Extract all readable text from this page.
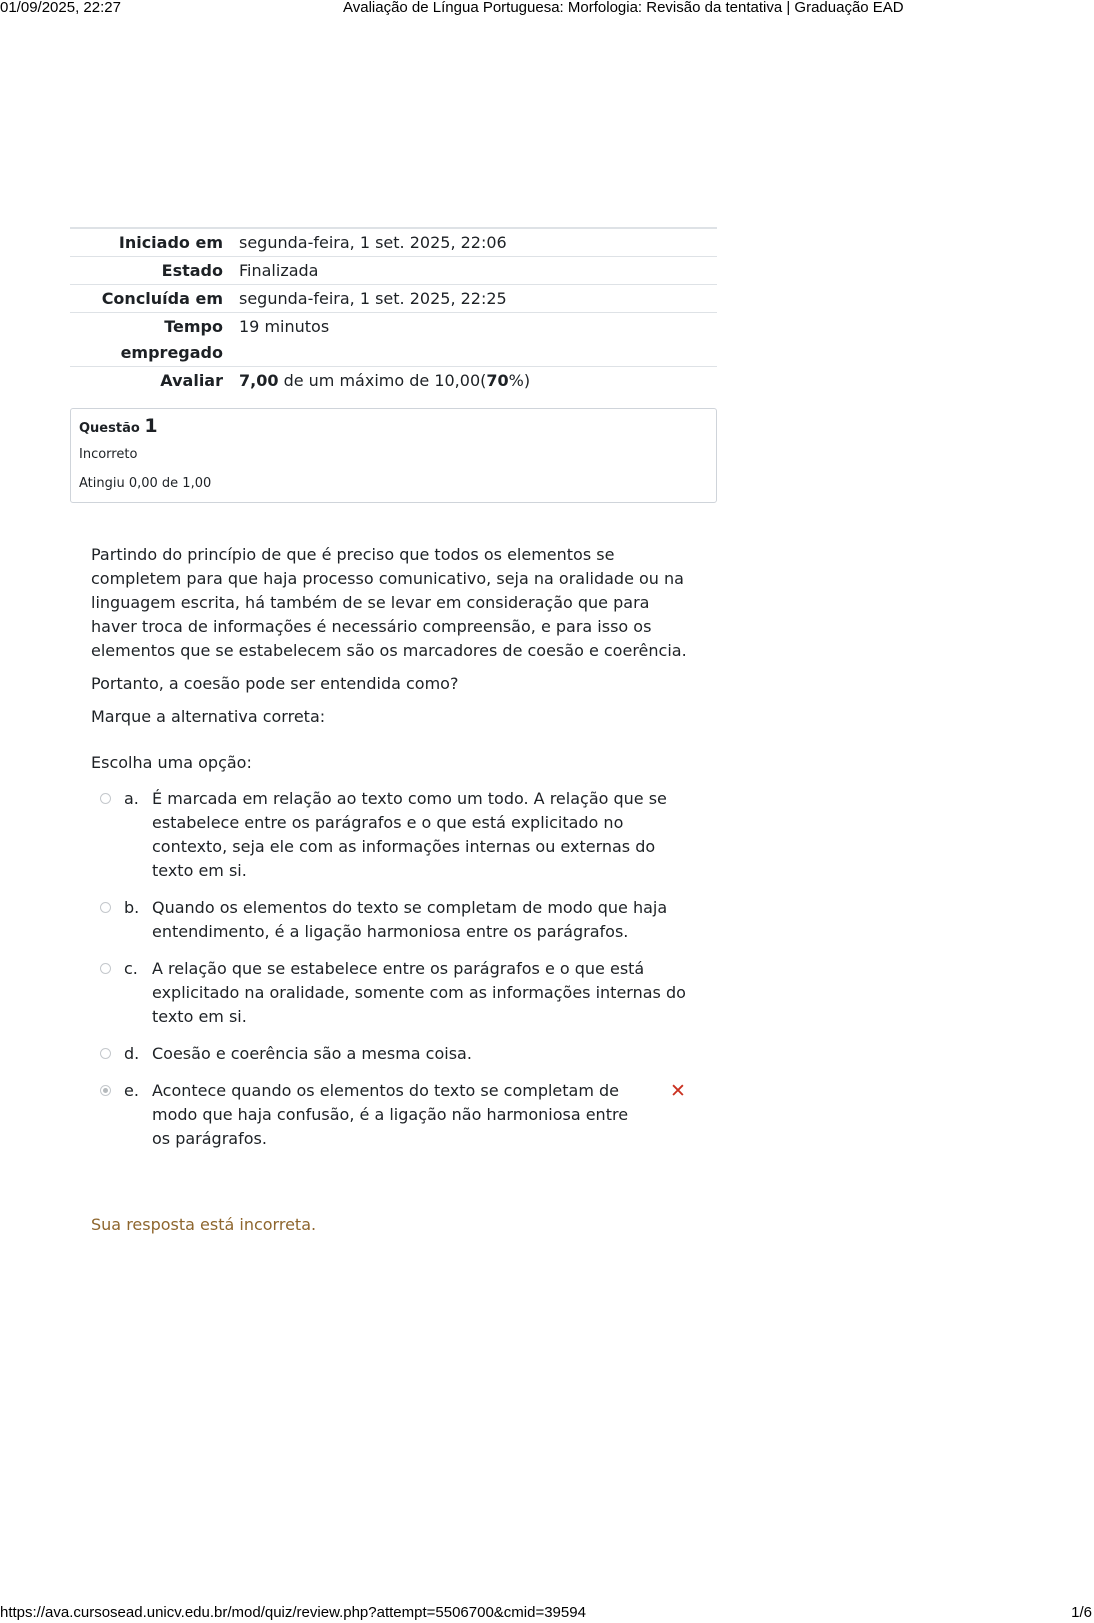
01/09/2025, 22:27	Avaliação de Língua Portuguesa: Morfologia: Revisão da tentativa | Graduação EAD
Iniciado em	segunda-feira, 1 set. 2025, 22:06
Estado	Finalizada
Concluída em	segunda-feira, 1 set. 2025, 22:25
Tempo empregado
19 minutos
Avaliar	7,00 de um máximo de 10,00(70%)
Questão 1
Incorreto
Atingiu 0,00 de 1,00

Partindo do princípio de que é preciso que todos os elementos se completem para que haja processo comunicativo, seja na oralidade ou na linguagem escrita, há também de se levar em consideração que para haver troca de informações é necessário compreensão, e para isso os elementos que se estabelecem são os marcadores de coesão e coerência.

Portanto, a coesão pode ser entendida como?

Marque a alternativa correta:

Escolha uma opção:
a. É marcada em relação ao texto como um todo. A relação que se estabelece entre os parágrafos e o que está explicitado no contexto, seja ele com as informações internas ou externas do texto em si.
b. Quando os elementos do texto se completam de modo que haja entendimento, é a ligação harmoniosa entre os parágrafos.
c. A relação que se estabelece entre os parágrafos e o que está explicitado na oralidade, somente com as informações internas do texto em si.
d. Coesão e coerência são a mesma coisa.
e. Acontece quando os elementos do texto se completam de modo que haja confusão, é a ligação não harmoniosa entre os parágrafos.
✕
Sua resposta está incorreta.
https://ava.cursosead.unicv.edu.br/mod/quiz/review.php?attempt=5506700&cmid=39594	1/6
